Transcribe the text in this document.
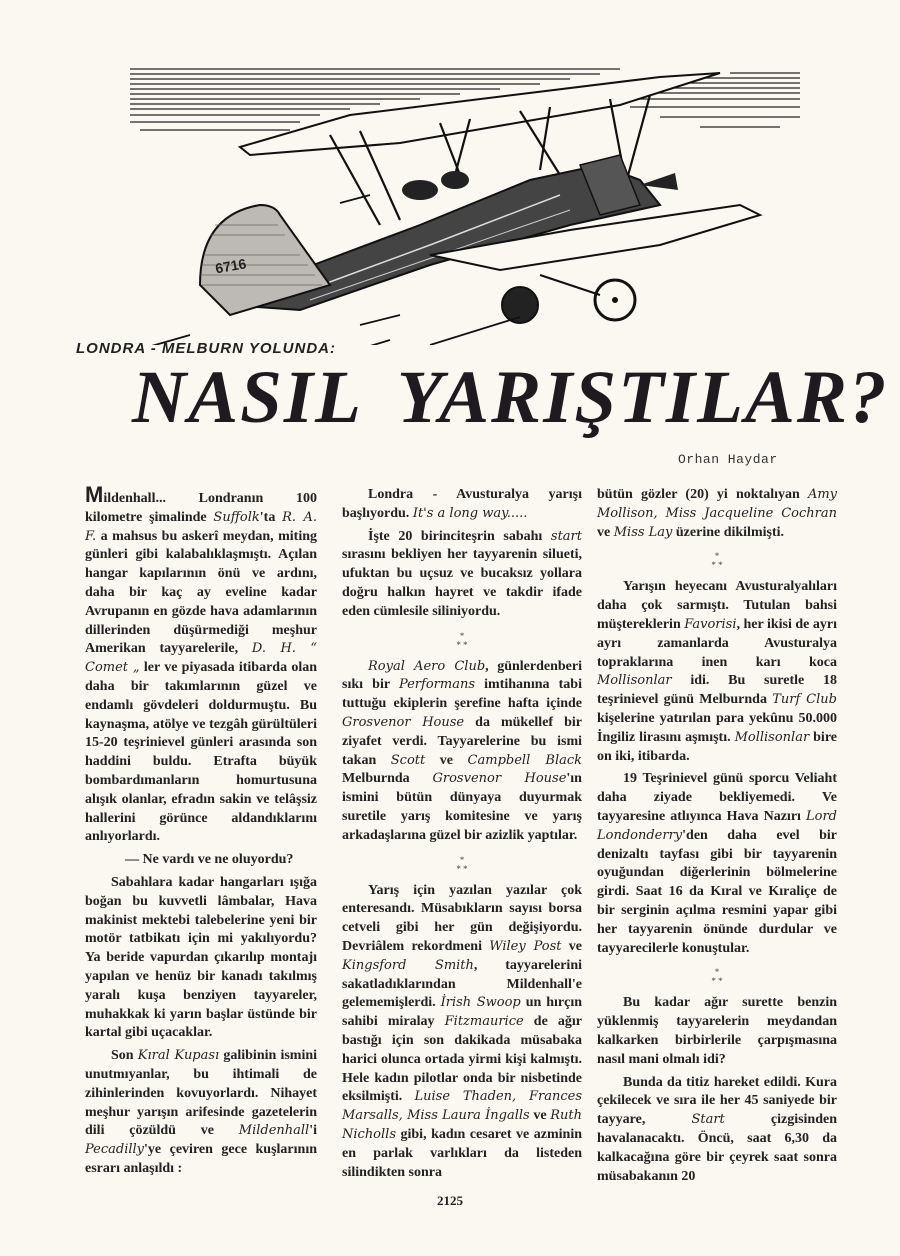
6716
LONDRA - MELBURN YOLUNDA:
NASIL YARIŞTILAR?
Orhan Haydar

Mildenhall... Londranın 100 kilometre şimalinde Suffolk'ta R. A. F. a mahsus bu askerî meydan, miting günleri gibi kalabalıklaşmıştı. Açılan hangar kapılarının önü ve ardını, daha bir kaç ay eveline kadar Avrupanın en gözde hava adamlarının dillerinden düşürmediği meşhur Amerikan tayyarelerile, D. H. “ Comet „ ler ve piyasada itibarda olan daha bir takımlarının güzel ve endamlı gövdeleri doldurmuştu. Bu kaynaşma, atölye ve tezgâh gürültüleri 15-20 teşrinievel günleri arasında son haddini buldu. Etrafta büyük bombardımanların homurtusuna alışık olanlar, efradın sakin ve telâşsiz hallerini görünce aldandıklarını anlıyorlardı.

— Ne vardı ve ne oluyordu?

Sabahlara kadar hangarları ışığa boğan bu kuvvetli lâmbalar, Hava makinist mektebi talebelerine yeni bir motör tatbikatı için mi yakılıyordu? Ya beride vapurdan çıkarılıp montajı yapılan ve henüz bir kanadı takılmış yaralı kuşa benziyen tayyareler, muhakkak ki yarın başlar üstünde bir kartal gibi uçacaklar.

Son Kıral Kupası galibinin ismini unutmıyanlar, bu ihtimali de zihinlerinden kovuyorlardı. Nihayet meşhur yarışın arifesinde gazetelerin dili çözüldü ve Mildenhall'i Pecadilly'ye çeviren gece kuşlarının esrarı anlaşıldı :

Londra - Avusturalya yarışı başlıyordu. It's a long way.....

İşte 20 birinciteşrin sabahı start sırasını bekliyen her tayyarenin silueti, ufuktan bu uçsuz ve bucaksız yollara doğru halkın hayret ve takdir ifade eden cümlesile siliniyordu.

*
* *

Royal Aero Club, günlerdenberi sıkı bir Performans imtihanına tabi tuttuğu ekiplerin şerefine hafta içinde Grosvenor House da mükellef bir ziyafet verdi. Tayyarelerine bu ismi takan Scott ve Campbell Black Melburnda Grosvenor House'ın ismini bütün dünyaya duyurmak suretile yarış komitesine ve yarış arkadaşlarına güzel bir azizlik yaptılar.

*
* *

Yarış için yazılan yazılar çok enteresandı. Müsabıkların sayısı borsa cetveli gibi her gün değişiyordu. Devriâlem rekordmeni Wiley Post ve Kingsford Smith, tayyarelerini sakatladıklarından Mildenhall'e gelememişlerdi. İrish Swoop un hırçın sahibi miralay Fitzmaurice de ağır bastığı için son dakikada müsabaka harici olunca ortada yirmi kişi kalmıştı. Hele kadın pilotlar onda bir nisbetinde eksilmişti. Luise Thaden, Frances Marsalls, Miss Laura İngalls ve Ruth Nicholls gibi, kadın cesaret ve azminin en parlak varlıkları da listeden silindikten sonra

bütün gözler (20) yi noktalıyan Amy Mollison, Miss Jacqueline Cochran ve Miss Lay üzerine dikilmişti.

*
* *

Yarışın heyecanı Avusturalyalıları daha çok sarmıştı. Tutulan bahsi müştereklerin Favorisi, her ikisi de ayrı ayrı zamanlarda Avusturalya topraklarına inen karı koca Mollisonlar idi. Bu suretle 18 teşrinievel günü Melburnda Turf Club kişelerine yatırılan para yekûnu 50.000 İngiliz lirasını aşmıştı. Mollisonlar bire on iki, itibarda.

19 Teşrinievel günü sporcu Veliaht daha ziyade bekliyemedi. Ve tayyaresine atlıyınca Hava Nazırı Lord Londonderry'den daha evel bir denizaltı tayfası gibi bir tayyarenin oyuğundan diğerlerinin bölmelerine girdi. Saat 16 da Kıral ve Kıraliçe de bir serginin açılma resmini yapar gibi her tayyarenin önünde durdular ve tayyarecilerle konuştular.

*
* *

Bu kadar ağır surette benzin yüklenmiş tayyarelerin meydandan kalkarken birbirlerile çarpışmasına nasıl mani olmalı idi?

Bunda da titiz hareket edildi. Kura çekilecek ve sıra ile her 45 saniyede bir tayyare, Start çizgisinden havalanacaktı. Öncü, saat 6,30 da kalkacağına göre bir çeyrek saat sonra müsabakanın 20

2125
